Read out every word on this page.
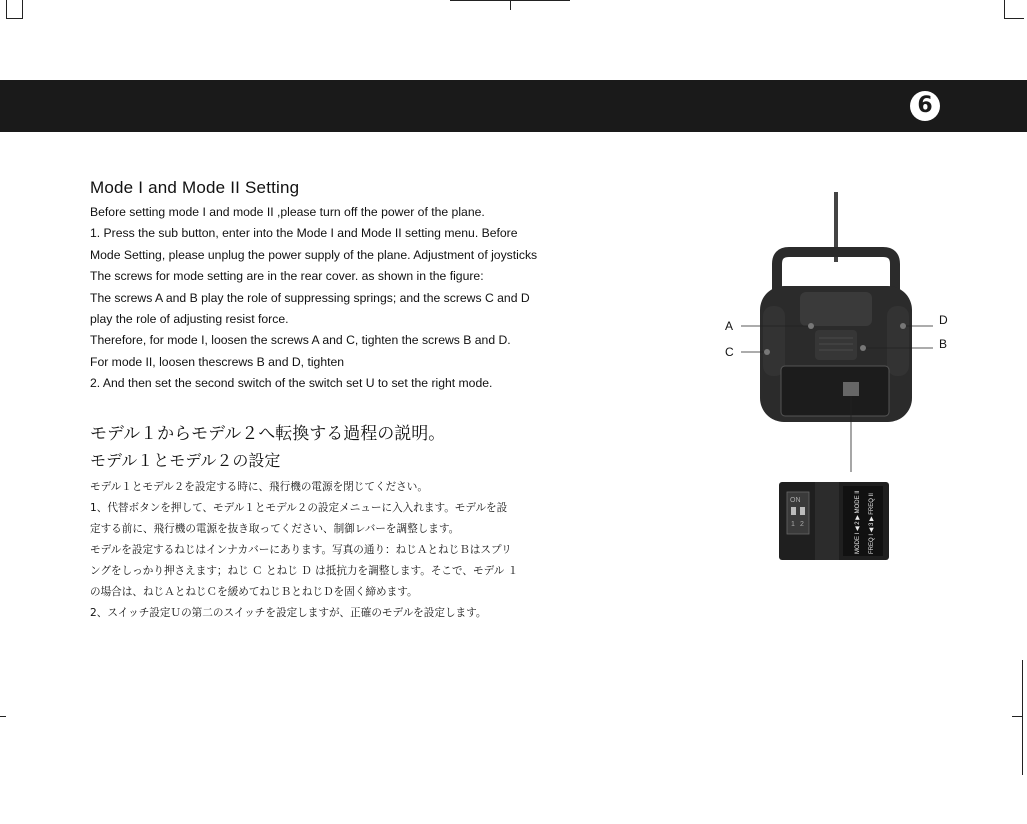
6
Mode I and Mode II Setting

Before setting mode I and mode II ,please turn off the power of the plane.

1. Press the sub button, enter into the Mode I and Mode II setting menu. Before

Mode Setting, please unplug the power supply of the plane. Adjustment of joysticks

The screws for mode setting are in the rear cover. as shown in the figure:

The screws A and B play the role of suppressing springs; and the screws C and D

play the role of adjusting resist force.

Therefore, for mode I, loosen the screws A and C, tighten the screws B and D.

For mode II, loosen thescrews B and D, tighten

2. And then set the second switch of the switch set U to set the right mode.

モデル１からモデル２へ転換する過程の説明。
モデル１とモデル２の設定

モデル１とモデル２を設定する時に、飛行機の電源を閉じてください。

1、代替ボタンを押して、モデル１とモデル２の設定メニューに入入れます。モデルを設

定する前に、飛行機の電源を抜き取ってください、制御レバーを調整します。

モデルを設定するねじはインナカバーにあります。写真の通り：ねじＡとねじＢはスプリ

ングをしっかり押さえます；ねじ Ｃ とねじ Ｄ は抵抗力を調整します。そこで、モデル １

の場合は、ねじＡとねじＣを緩めてねじＢとねじＤを固く締めます。

2、スイッチ設定Ｕの第二のスイッチを設定しますが、正確のモデルを設定します。

A
C
D
B
ON
1 2	MODE I ◀ 2 ▶ MODE II FREQ I ◀ 3 ▶ FREQ II
